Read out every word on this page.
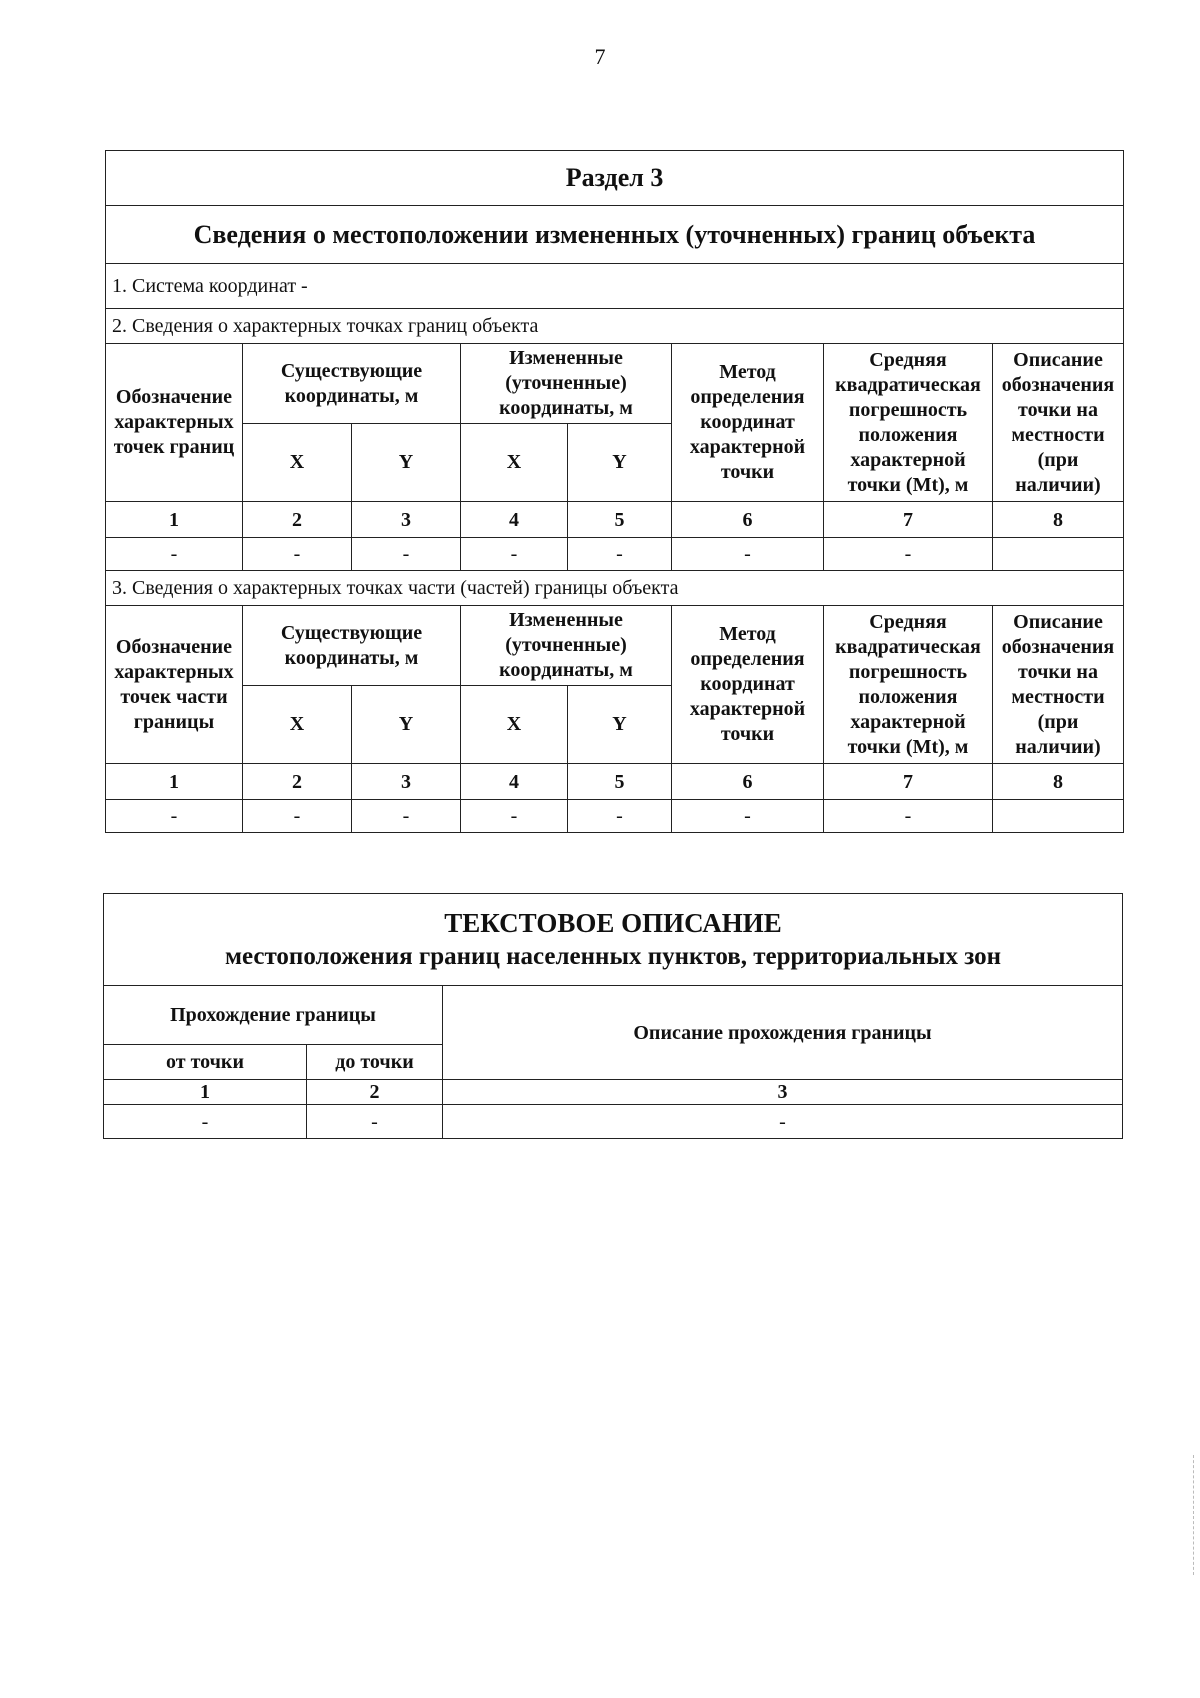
7
Раздел 3							
Сведения о местоположении измененных (уточненных) границ объекта							
1. Система координат -							
2. Сведения о характерных точках границ объекта							
Обозначение характерных точек границ	Существующие координаты, м		Измененные (уточненные) координаты, м		Метод определения координат характерной точки	Средняя квадратическая погрешность положения характерной точки (Mt), м	Описание обозначения точки на местности (при наличии)
	X	Y	X	Y			
1	2	3	4	5	6	7	8
-	-	-	-	-	-	-	
3. Сведения о характерных точках части (частей) границы объекта							
Обозначение характерных точек части границы	Существующие координаты, м		Измененные (уточненные) координаты, м		Метод определения координат характерной точки	Средняя квадратическая погрешность положения характерной точки (Mt), м	Описание обозначения точки на местности (при наличии)
	X	Y	X	Y			
1	2	3	4	5	6	7	8
-	-	-	-	-	-	-	
ТЕКСТОВОЕ ОПИСАНИЕ
местоположения границ населенных пунктов, территориальных зон		

Прохождение границы		Описание прохождения границы
от точки	до точки	
1	2	3
-	-	-
